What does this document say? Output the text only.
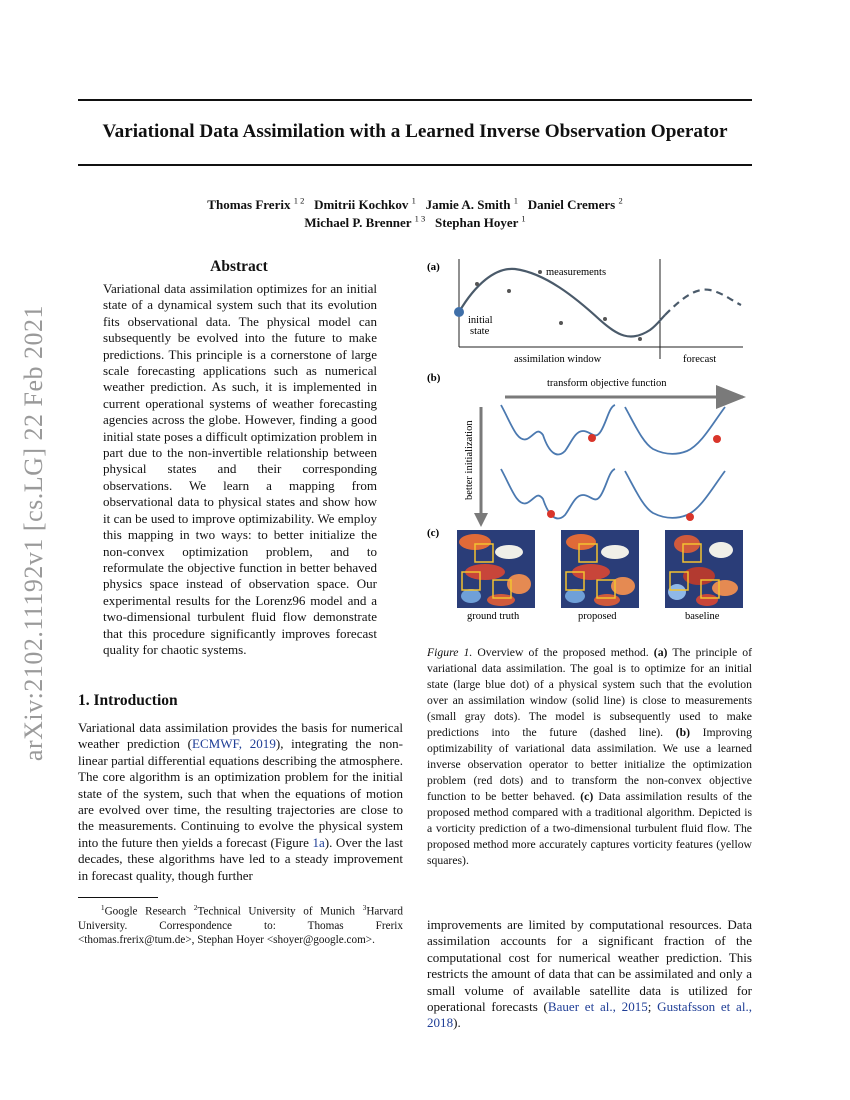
arXiv:2102.11192v1 [cs.LG] 22 Feb 2021
Variational Data Assimilation with a Learned Inverse Observation Operator
Thomas Frerix $^{1 2}$ Dmitrii Kochkov $^1$ Jamie A. Smith $^1$ Daniel Cremers $^2$
Michael P. Brenner $^{1 3}$ Stephan Hoyer $^1$
Abstract
Variational data assimilation optimizes for an initial state of a dynamical system such that its evolution fits observational data. The physical model can subsequently be evolved into the future to make predictions. This principle is a cornerstone of large scale forecasting applications such as numerical weather prediction. As such, it is implemented in current operational systems of weather forecasting agencies across the globe. However, finding a good initial state poses a difficult optimization problem in part due to the non-invertible relationship between physical states and their corresponding observations. We learn a mapping from observational data to physical states and show how it can be used to improve optimizability. We employ this mapping in two ways: to better initialize the non-convex optimization problem, and to reformulate the objective function in better behaved physics space instead of observation space. Our experimental results for the Lorenz96 model and a two-dimensional turbulent fluid flow demonstrate that this procedure significantly improves forecast quality for chaotic systems.
1. Introduction
Variational data assimilation provides the basis for numerical weather prediction (ECMWF, 2019), integrating the non-linear partial differential equations describing the atmosphere. The core algorithm is an optimization problem for the initial state of the system, such that when the equations of motion are evolved over time, the resulting trajectories are close to the measurements. Continuing to evolve the physical system into the future then yields a forecast (Figure 1a). Over the last decades, these algorithms have led to a steady improvement in forecast quality, though further
$^1$Google Research $^2$Technical University of Munich $^3$Harvard University. Correspondence to: Thomas Frerix <thomas.frerix@tum.de>, Stephan Hoyer <shoyer@google.com>.
(a)	measurements
initial
state
assimilation window	forecast
(b)	transform objective function
better initialization
(c)
ground truth	proposed	baseline
Figure 1. Overview of the proposed method. (a) The principle of variational data assimilation. The goal is to optimize for an initial state (large blue dot) of a physical system such that the evolution over an assimilation window (solid line) is close to measurements (small gray dots). The model is subsequently used to make predictions into the future (dashed line). (b) Improving optimizability of variational data assimilation. We use a learned inverse observation operator to better initialize the optimization problem (red dots) and to transform the non-convex objective function to be better behaved. (c) Data assimilation results of the proposed method compared with a traditional algorithm. Depicted is a vorticity prediction of a two-dimensional turbulent fluid flow. The proposed method more accurately captures vorticity features (yellow squares).
improvements are limited by computational resources. Data assimilation accounts for a significant fraction of the computational cost for numerical weather prediction. This restricts the amount of data that can be assimilated and only a small volume of available satellite data is utilized for operational forecasts (Bauer et al., 2015; Gustafsson et al., 2018).
